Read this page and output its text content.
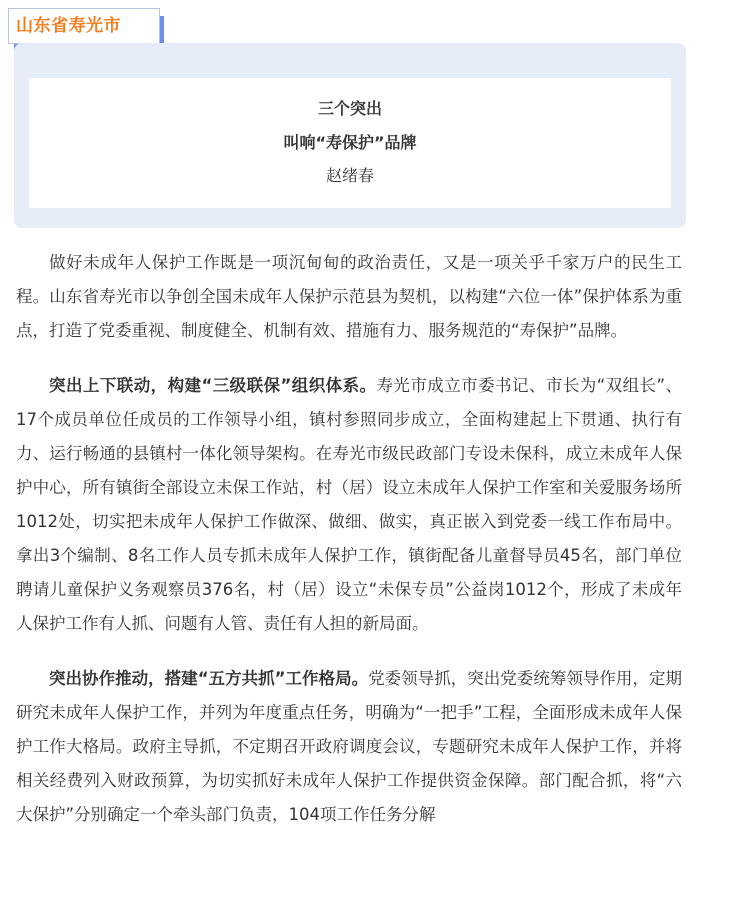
山东省寿光市
三个突出
叫响“寿保护”品牌
赵绪春

做好未成年人保护工作既是一项沉甸甸的政治责任，又是一项关乎千家万户的民生工程。山东省寿光市以争创全国未成年人保护示范县为契机，以构建“六位一体”保护体系为重点，打造了党委重视、制度健全、机制有效、措施有力、服务规范的“寿保护”品牌。

突出上下联动，构建“三级联保”组织体系。寿光市成立市委书记、市长为“双组长”、17个成员单位任成员的工作领导小组，镇村参照同步成立，全面构建起上下贯通、执行有力、运行畅通的县镇村一体化领导架构。在寿光市级民政部门专设未保科，成立未成年人保护中心，所有镇街全部设立未保工作站，村（居）设立未成年人保护工作室和关爱服务场所1012处，切实把未成年人保护工作做深、做细、做实，真正嵌入到党委一线工作布局中。拿出3个编制、8名工作人员专抓未成年人保护工作，镇街配备儿童督导员45名，部门单位聘请儿童保护义务观察员376名，村（居）设立“未保专员”公益岗1012个，形成了未成年人保护工作有人抓、问题有人管、责任有人担的新局面。

突出协作推动，搭建“五方共抓”工作格局。党委领导抓，突出党委统筹领导作用，定期研究未成年人保护工作，并列为年度重点任务，明确为“一把手”工程，全面形成未成年人保护工作大格局。政府主导抓，不定期召开政府调度会议，专题研究未成年人保护工作，并将相关经费列入财政预算，为切实抓好未成年人保护工作提供资金保障。部门配合抓，将“六大保护”分别确定一个牵头部门负责，104项工作任务分解
